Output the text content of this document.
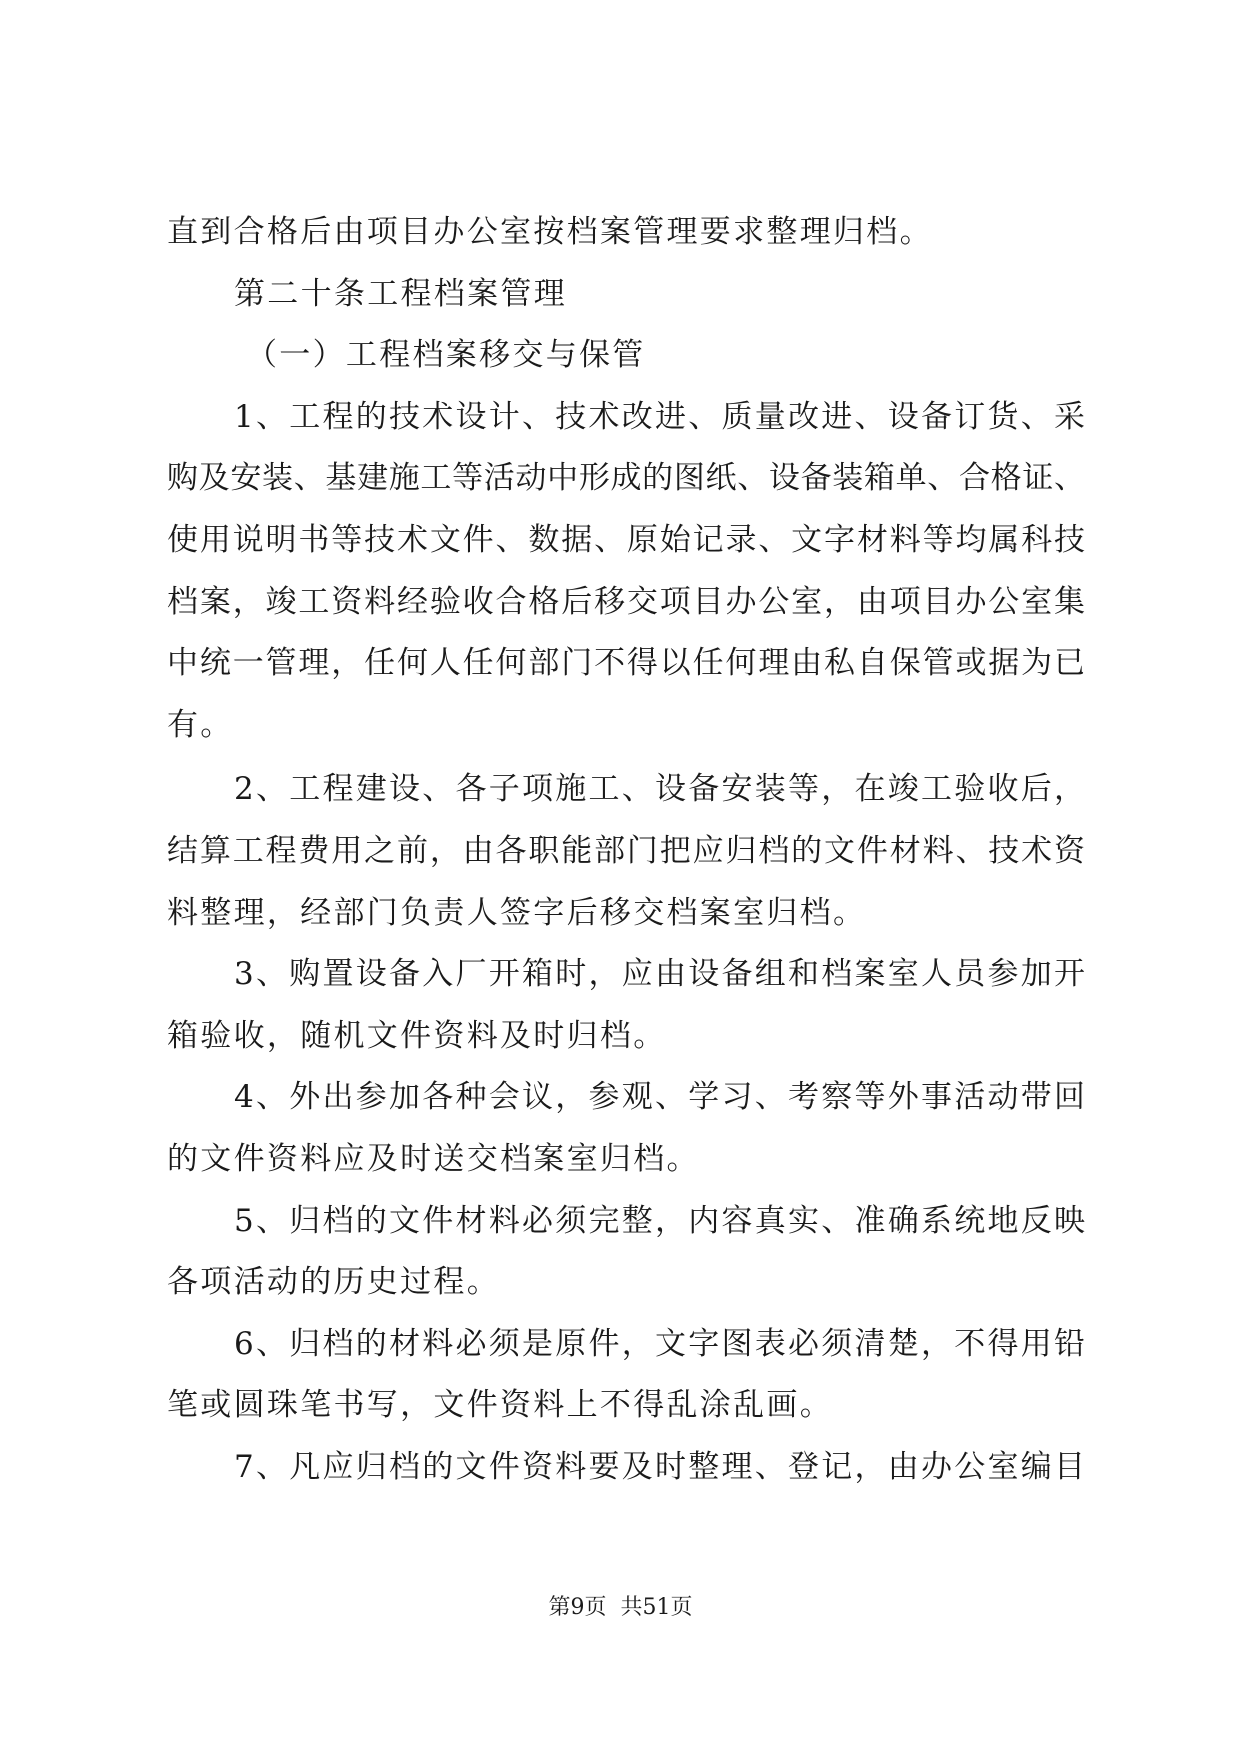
直到合格后由项目办公室按档案管理要求整理归档。
第二十条工程档案管理
（一）工程档案移交与保管
1、工程的技术设计、技术改进、质量改进、设备订货、采
购及安装、基建施工等活动中形成的图纸、设备装箱单、合格证、
使用说明书等技术文件、数据、原始记录、文字材料等均属科技
档案，竣工资料经验收合格后移交项目办公室，由项目办公室集
中统一管理，任何人任何部门不得以任何理由私自保管或据为已
有。
2、工程建设、各子项施工、设备安装等，在竣工验收后，
结算工程费用之前，由各职能部门把应归档的文件材料、技术资
料整理，经部门负责人签字后移交档案室归档。
3、购置设备入厂开箱时，应由设备组和档案室人员参加开
箱验收，随机文件资料及时归档。
4、外出参加各种会议，参观、学习、考察等外事活动带回
的文件资料应及时送交档案室归档。
5、归档的文件材料必须完整，内容真实、准确系统地反映
各项活动的历史过程。
6、归档的材料必须是原件，文字图表必须清楚，不得用铅
笔或圆珠笔书写，文件资料上不得乱涂乱画。
7、凡应归档的文件资料要及时整理、登记，由办公室编目
第9页  共51页
